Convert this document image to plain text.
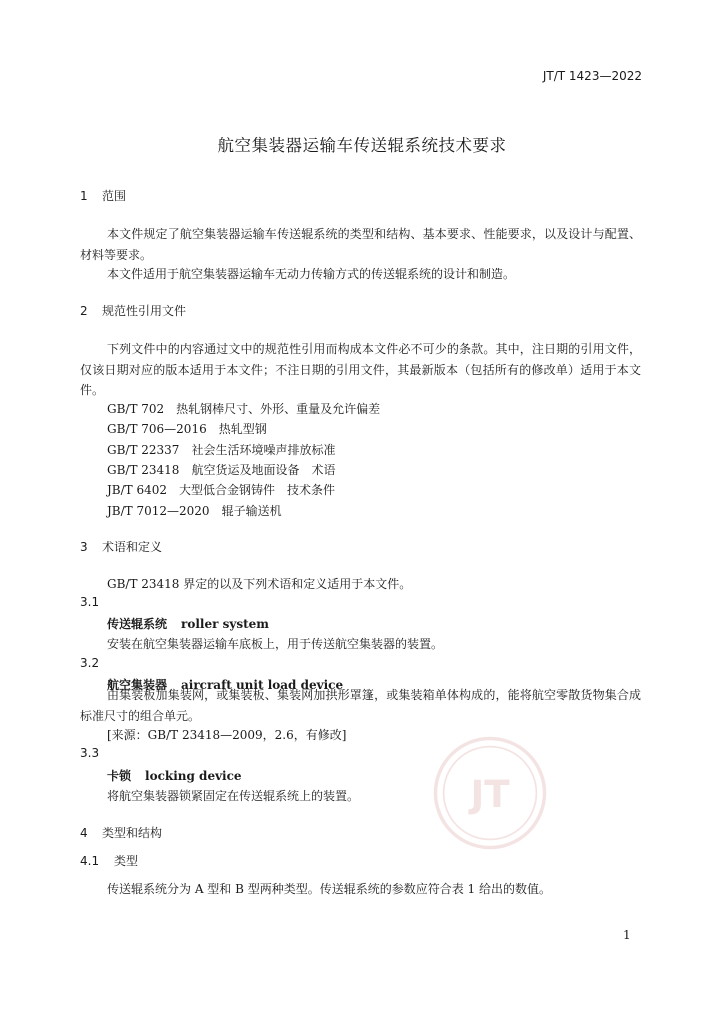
JT/T 1423—2022
航空集装器运输车传送辊系统技术要求
1 范围
本文件规定了航空集装器运输车传送辊系统的类型和结构、基本要求、性能要求，以及设计与配置、材料等要求。
本文件适用于航空集装器运输车无动力传输方式的传送辊系统的设计和制造。
2 规范性引用文件
下列文件中的内容通过文中的规范性引用而构成本文件必不可少的条款。其中，注日期的引用文件，仅该日期对应的版本适用于本文件；不注日期的引用文件，其最新版本（包括所有的修改单）适用于本文件。
GB/T 702　热轧钢棒尺寸、外形、重量及允许偏差
GB/T 706—2016　热轧型钢
GB/T 22337　社会生活环境噪声排放标准
GB/T 23418　航空货运及地面设备　术语
JB/T 6402　大型低合金钢铸件　技术条件
JB/T 7012—2020　辊子输送机
3 术语和定义
GB/T 23418 界定的以及下列术语和定义适用于本文件。
3.1
传送辊系统 roller system
安装在航空集装器运输车底板上，用于传送航空集装器的装置。
3.2
航空集装器 aircraft unit load device
由集装板加集装网，或集装板、集装网加拱形罩篷，或集装箱单体构成的，能将航空零散货物集合成标准尺寸的组合单元。
[来源：GB/T 23418—2009，2.6，有修改]
3.3
卡锁 locking device
将航空集装器锁紧固定在传送辊系统上的装置。
4 类型和结构
4.1 类型
传送辊系统分为 A 型和 B 型两种类型。传送辊系统的参数应符合表 1 给出的数值。
JT
1
